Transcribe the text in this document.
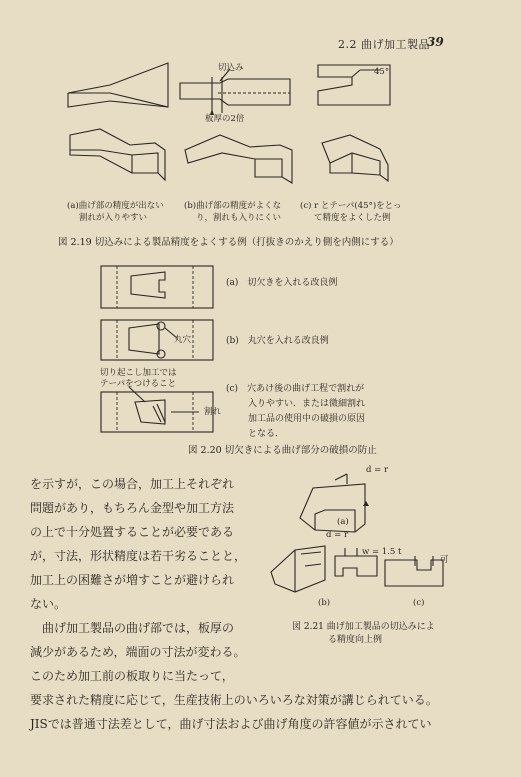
2.2 曲げ加工製品
39
切込み
板厚の2倍
45°
(a)曲げ部の精度が出ない
割れが入りやすい
(b)曲げ部の精度がよくな
り，割れも入りにくい
(c) r とテーパ(45°)をとっ
て精度をよくした例
図 2.19 切込みによる製品精度をよくする例（打抜きのかえり側を内側にする）
丸穴
切り起こし加工では
テーパをつけること
割れ
(a)　切欠きを入れる改良例
(b)　丸穴を入れる改良例
(c)　穴あけ後の曲げ工程で割れが
入りやすい．または微細割れ
加工品の使用中の破損の原因
となる．
図 2.20 切欠きによる曲げ部分の破損の防止
を示すが，この場合，加工上それぞれ
問題があり，もちろん金型や加工方法
の上で十分処置することが必要である
が，寸法，形状精度は若干劣ることと，
加工上の困難さが増すことが避けられ
ない。
　曲げ加工製品の曲げ部では，板厚の
減少があるため，端面の寸法が変わる。
このため加工前の板取りに当たって，
要求された精度に応じて，生産技術上のいろいろな対策が講じられている。
JISでは普通寸法差として，曲げ寸法および曲げ角度の許容値が示されてい
d = r
(a)
d = r
w = 1.5 t
可
(b)	(c)
図 2.21 曲げ加工製品の切込みによ
る精度向上例
